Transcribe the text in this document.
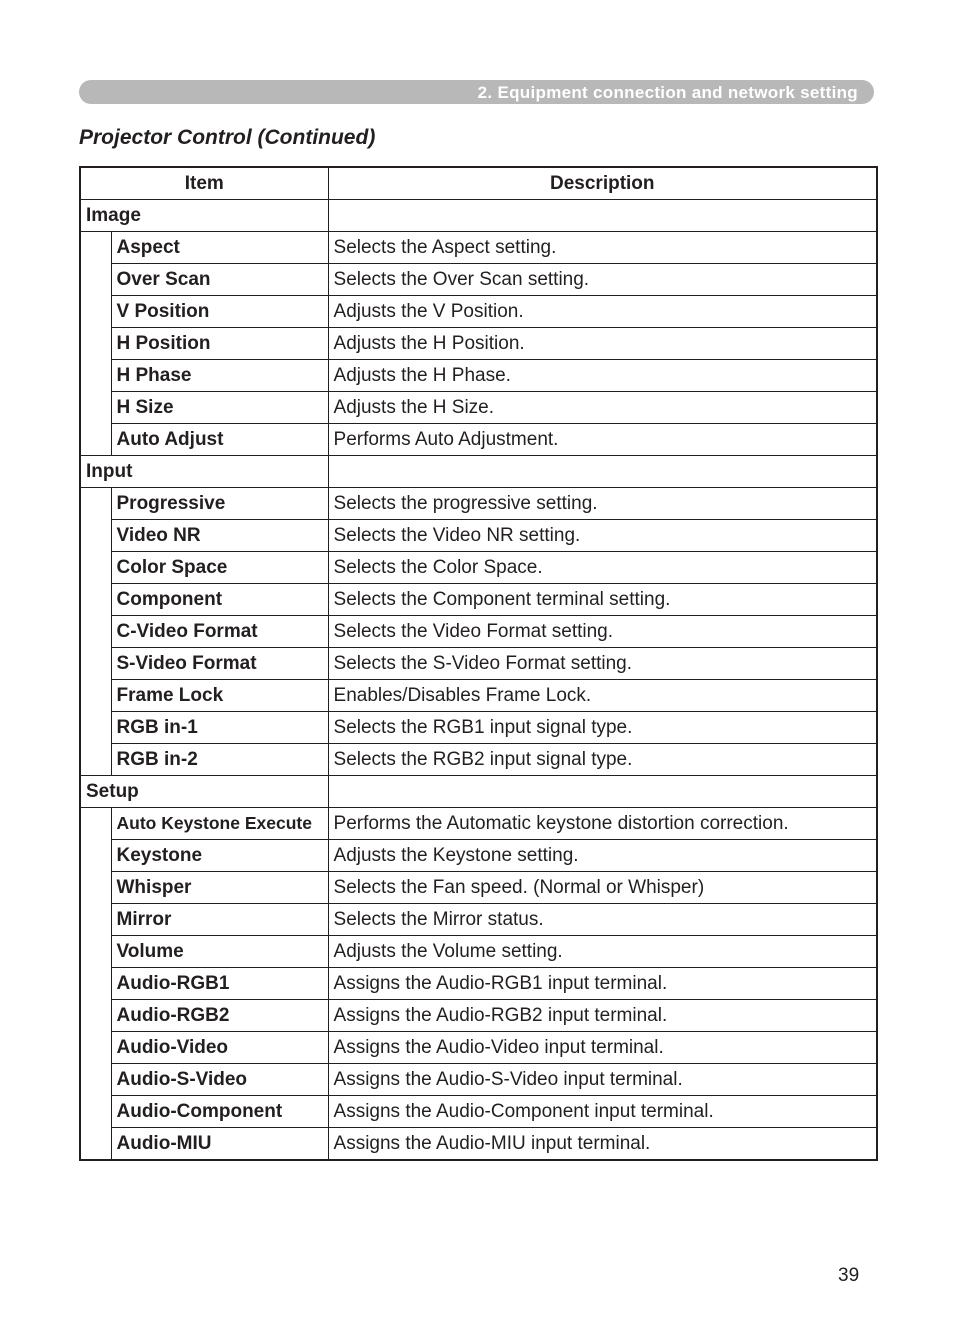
2. Equipment connection and network setting
Projector Control (Continued)
Item		Description
Image		
	Aspect	Selects the Aspect setting.
	Over Scan	Selects the Over Scan setting.
	V Position	Adjusts the V Position.
	H Position	Adjusts the H Position.
	H Phase	Adjusts the H Phase.
	H Size	Adjusts the H Size.
	Auto Adjust	Performs Auto Adjustment.
Input		
	Progressive	Selects the progressive setting.
	Video NR	Selects the Video NR setting.
	Color Space	Selects the Color Space.
	Component	Selects the Component terminal setting.
	C-Video Format	Selects the Video Format setting.
	S-Video Format	Selects the S-Video Format setting.
	Frame Lock	Enables/Disables Frame Lock.
	RGB in-1	Selects the RGB1 input signal type.
	RGB in-2	Selects the RGB2 input signal type.
Setup		
	Auto Keystone Execute	Performs the Automatic keystone distortion correction.
	Keystone	Adjusts the Keystone setting.
	Whisper	Selects the Fan speed. (Normal or Whisper)
	Mirror	Selects the Mirror status.
	Volume	Adjusts the Volume setting.
	Audio-RGB1	Assigns the Audio-RGB1 input terminal.
	Audio-RGB2	Assigns the Audio-RGB2 input terminal.
	Audio-Video	Assigns the Audio-Video input terminal.
	Audio-S-Video	Assigns the Audio-S-Video input terminal.
	Audio-Component	Assigns the Audio-Component input terminal.
	Audio-MIU	Assigns the Audio-MIU input terminal.
39
